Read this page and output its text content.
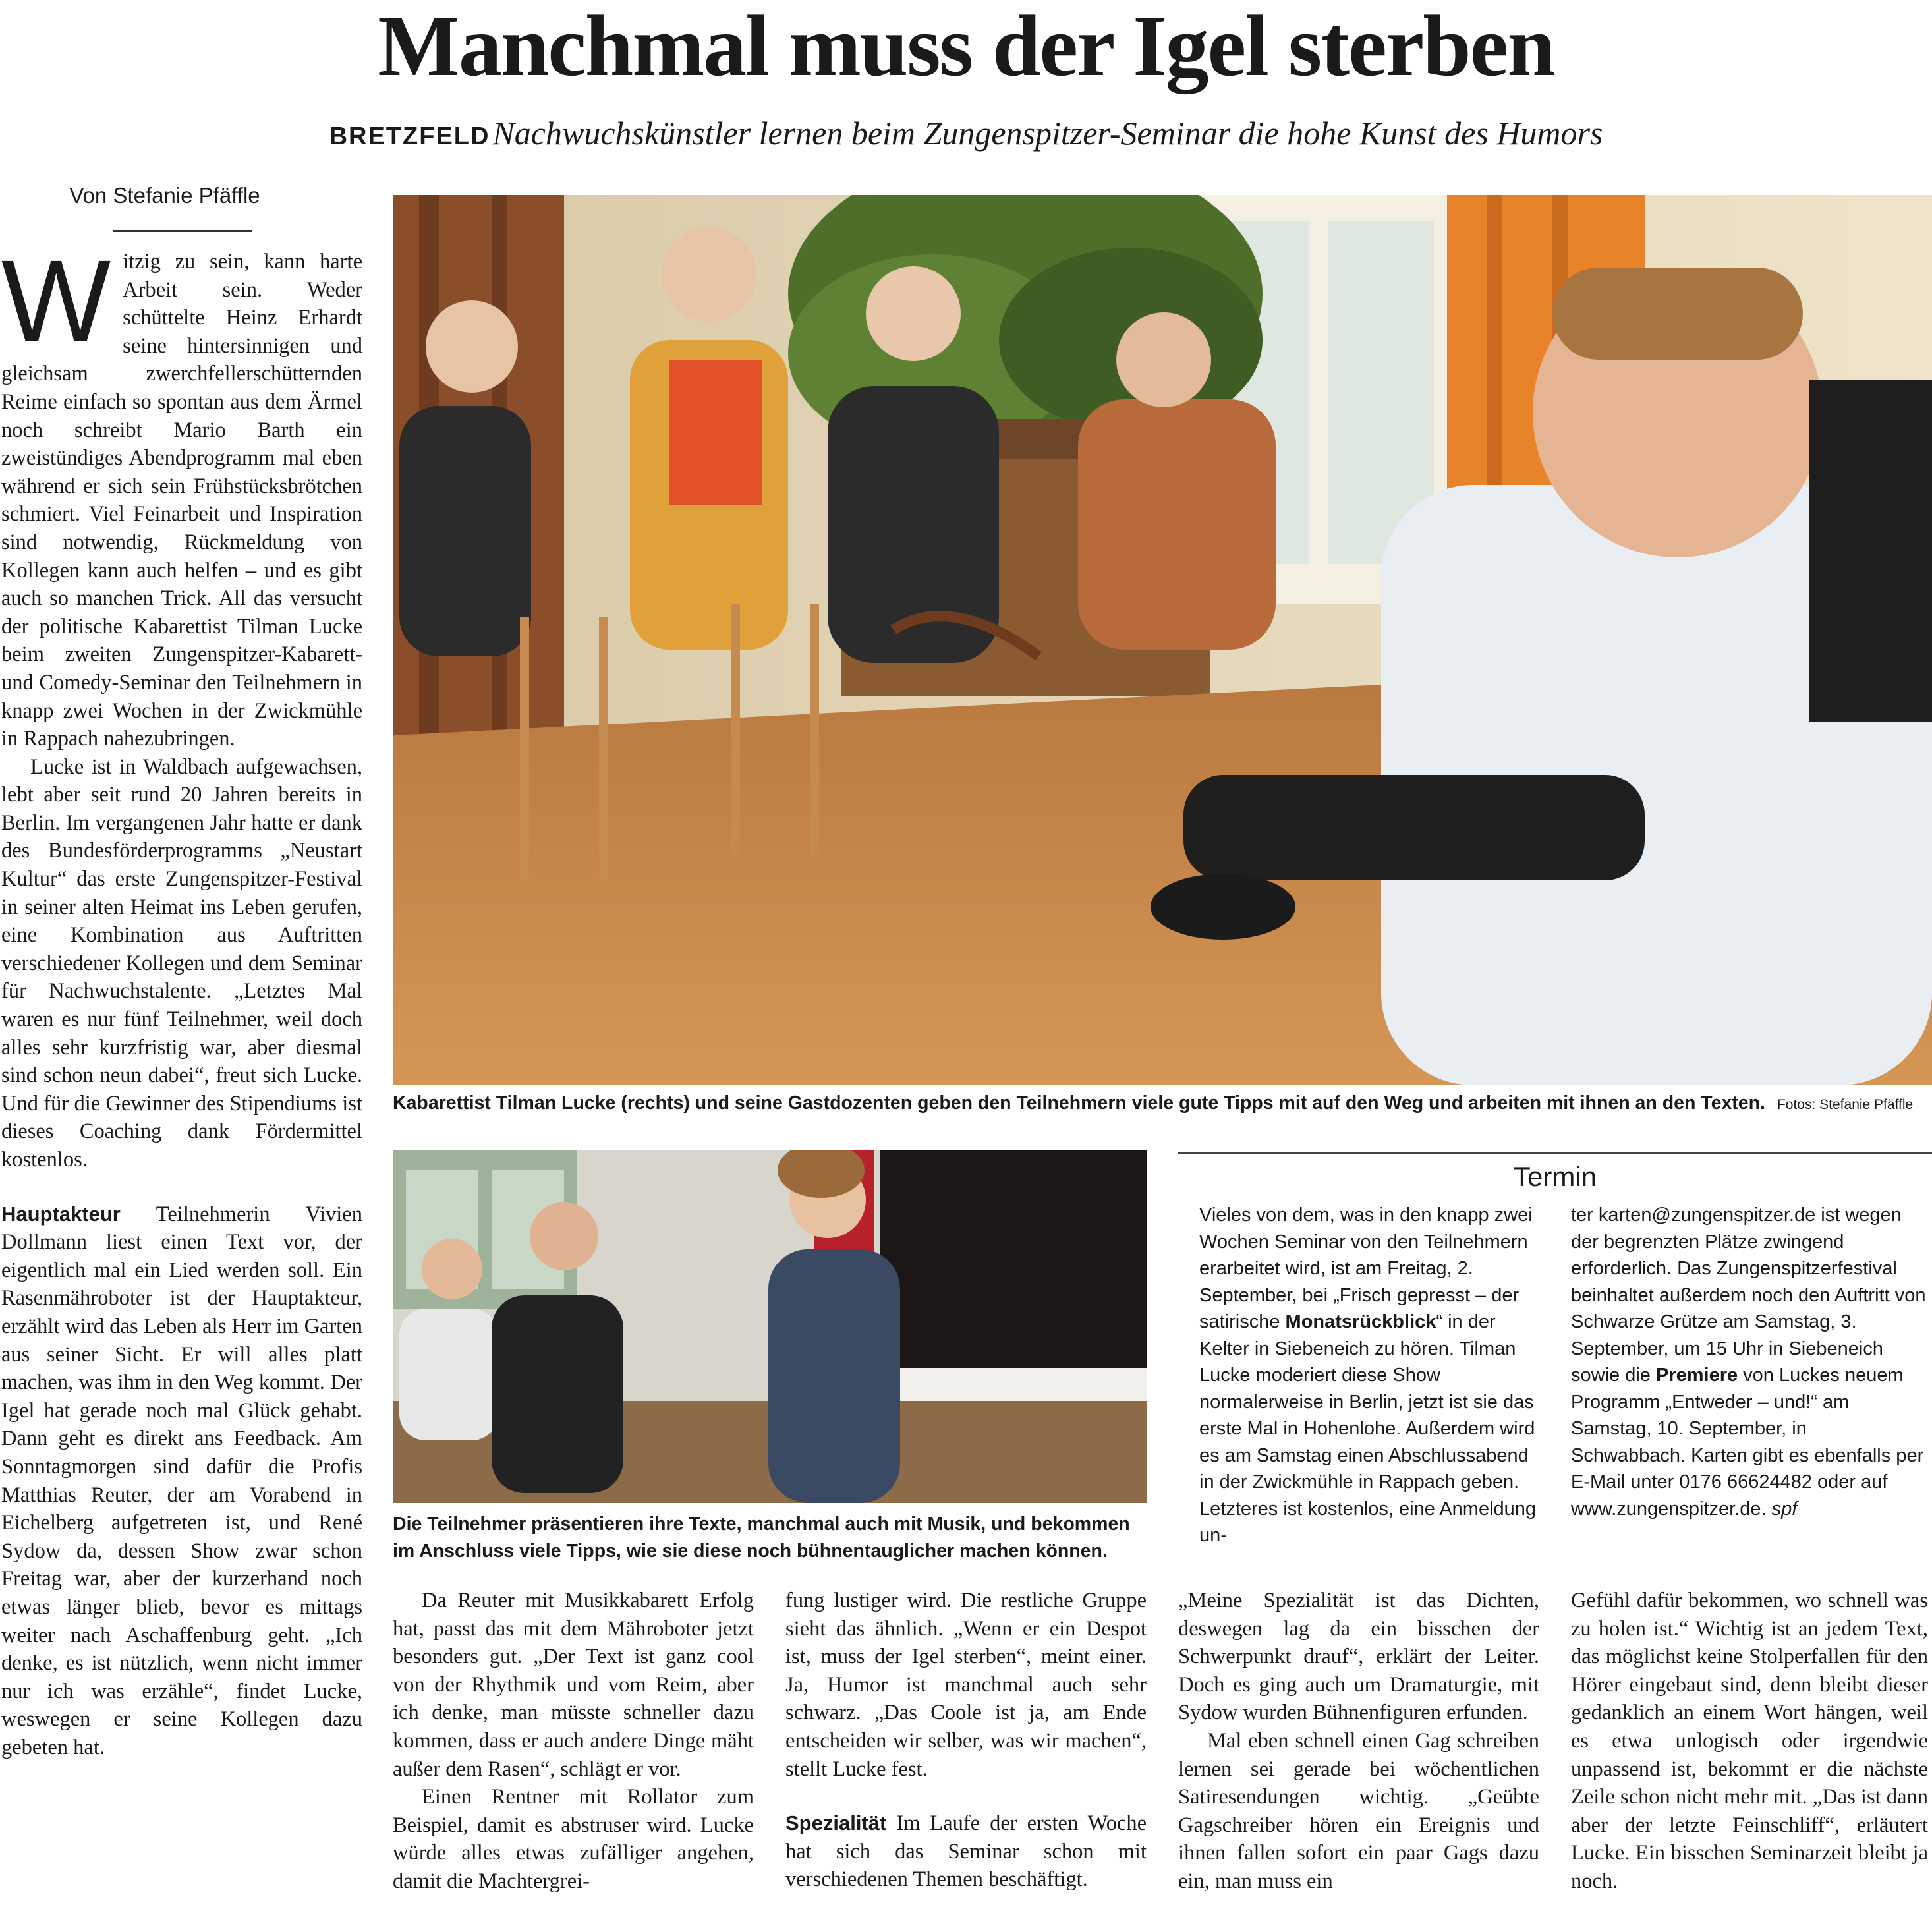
Manchmal muss der Igel sterben
BRETZFELD Nachwuchskünstler lernen beim Zungenspitzer-Seminar die hohe Kunst des Humors
Von Stefanie Pfäffle

Witzig zu sein, kann harte Arbeit sein. Weder schüttelte Heinz Erhardt seine hintersinnigen und gleichsam zwerchfellerschütternden Reime einfach so spontan aus dem Ärmel noch schreibt Mario Barth ein zweistündiges Abendprogramm mal eben während er sich sein Frühstücksbrötchen schmiert. Viel Feinarbeit und Inspiration sind notwendig, Rückmeldung von Kollegen kann auch helfen – und es gibt auch so manchen Trick. All das versucht der politische Kabarettist Tilman Lucke beim zweiten Zungenspitzer-Kabarett- und Comedy-Seminar den Teilnehmern in knapp zwei Wochen in der Zwickmühle in Rappach nahezubringen.

Lucke ist in Waldbach aufgewachsen, lebt aber seit rund 20 Jahren bereits in Berlin. Im vergangenen Jahr hatte er dank des Bundesförderprogramms „Neustart Kultur“ das erste Zungenspitzer-Festival in seiner alten Heimat ins Leben gerufen, eine Kombination aus Auftritten verschiedener Kollegen und dem Seminar für Nachwuchstalente. „Letztes Mal waren es nur fünf Teilnehmer, weil doch alles sehr kurzfristig war, aber diesmal sind schon neun dabei“, freut sich Lucke. Und für die Gewinner des Stipendiums ist dieses Coaching dank Fördermittel kostenlos.

Hauptakteur Teilnehmerin Vivien Dollmann liest einen Text vor, der eigentlich mal ein Lied werden soll. Ein Rasenmähroboter ist der Hauptakteur, erzählt wird das Leben als Herr im Garten aus seiner Sicht. Er will alles platt machen, was ihm in den Weg kommt. Der Igel hat gerade noch mal Glück gehabt. Dann geht es direkt ans Feedback. Am Sonntagmorgen sind dafür die Profis Matthias Reuter, der am Vorabend in Eichelberg aufgetreten ist, und René Sydow da, dessen Show zwar schon Freitag war, aber der kurzerhand noch etwas länger blieb, bevor es mittags weiter nach Aschaffenburg geht. „Ich denke, es ist nützlich, wenn nicht immer nur ich was erzähle“, findet Lucke, weswegen er seine Kollegen dazu gebeten hat.

Kabarettist Tilman Lucke (rechts) und seine Gastdozenten geben den Teilnehmern viele gute Tipps mit auf den Weg und arbeiten mit ihnen an den Texten. Fotos: Stefanie Pfäffle
Die Teilnehmer präsentieren ihre Texte, manchmal auch mit Musik, und bekommen
im Anschluss viele Tipps, wie sie diese noch bühnentauglicher machen können.
Termin

Vieles von dem, was in den knapp zwei Wochen Seminar von den Teilnehmern erarbeitet wird, ist am Freitag, 2. September, bei „Frisch gepresst – der satirische Monatsrückblick“ in der Kelter in Siebeneich zu hören. Tilman Lucke moderiert diese Show normalerweise in Berlin, jetzt ist sie das erste Mal in Hohenlohe. Außerdem wird es am Samstag einen Abschlussabend in der Zwickmühle in Rappach geben. Letzteres ist kostenlos, eine Anmeldung un-

ter karten@zungenspitzer.de ist wegen der begrenzten Plätze zwingend erforderlich. Das Zungenspitzerfestival beinhaltet außerdem noch den Auftritt von Schwarze Grütze am Samstag, 3. September, um 15 Uhr in Siebeneich sowie die Premiere von Luckes neuem Programm „Entweder – und!“ am Samstag, 10. September, in Schwabbach. Karten gibt es ebenfalls per E-Mail unter 0176 66624482 oder auf www.zungenspitzer.de. spf

Da Reuter mit Musikkabarett Erfolg hat, passt das mit dem Mähroboter jetzt besonders gut. „Der Text ist ganz cool von der Rhythmik und vom Reim, aber ich denke, man müsste schneller dazu kommen, dass er auch andere Dinge mäht außer dem Rasen“, schlägt er vor.

Einen Rentner mit Rollator zum Beispiel, damit es abstruser wird. Lucke würde alles etwas zufälliger angehen, damit die Machtergrei-

fung lustiger wird. Die restliche Gruppe sieht das ähnlich. „Wenn er ein Despot ist, muss der Igel sterben“, meint einer. Ja, Humor ist manchmal auch sehr schwarz. „Das Coole ist ja, am Ende entscheiden wir selber, was wir machen“, stellt Lucke fest.

Spezialität Im Laufe der ersten Woche hat sich das Seminar schon mit verschiedenen Themen beschäftigt.

„Meine Spezialität ist das Dichten, deswegen lag da ein bisschen der Schwerpunkt drauf“, erklärt der Leiter. Doch es ging auch um Dramaturgie, mit Sydow wurden Bühnenfiguren erfunden.

Mal eben schnell einen Gag schreiben lernen sei gerade bei wöchentlichen Satiresendungen wichtig. „Geübte Gagschreiber hören ein Ereignis und ihnen fallen sofort ein paar Gags dazu ein, man muss ein

Gefühl dafür bekommen, wo schnell was zu holen ist.“ Wichtig ist an jedem Text, das möglichst keine Stolperfallen für den Hörer eingebaut sind, denn bleibt dieser gedanklich an einem Wort hängen, weil es etwa unlogisch oder irgendwie unpassend ist, bekommt er die nächste Zeile schon nicht mehr mit. „Das ist dann aber der letzte Feinschliff“, erläutert Lucke. Ein bisschen Seminarzeit bleibt ja noch.
